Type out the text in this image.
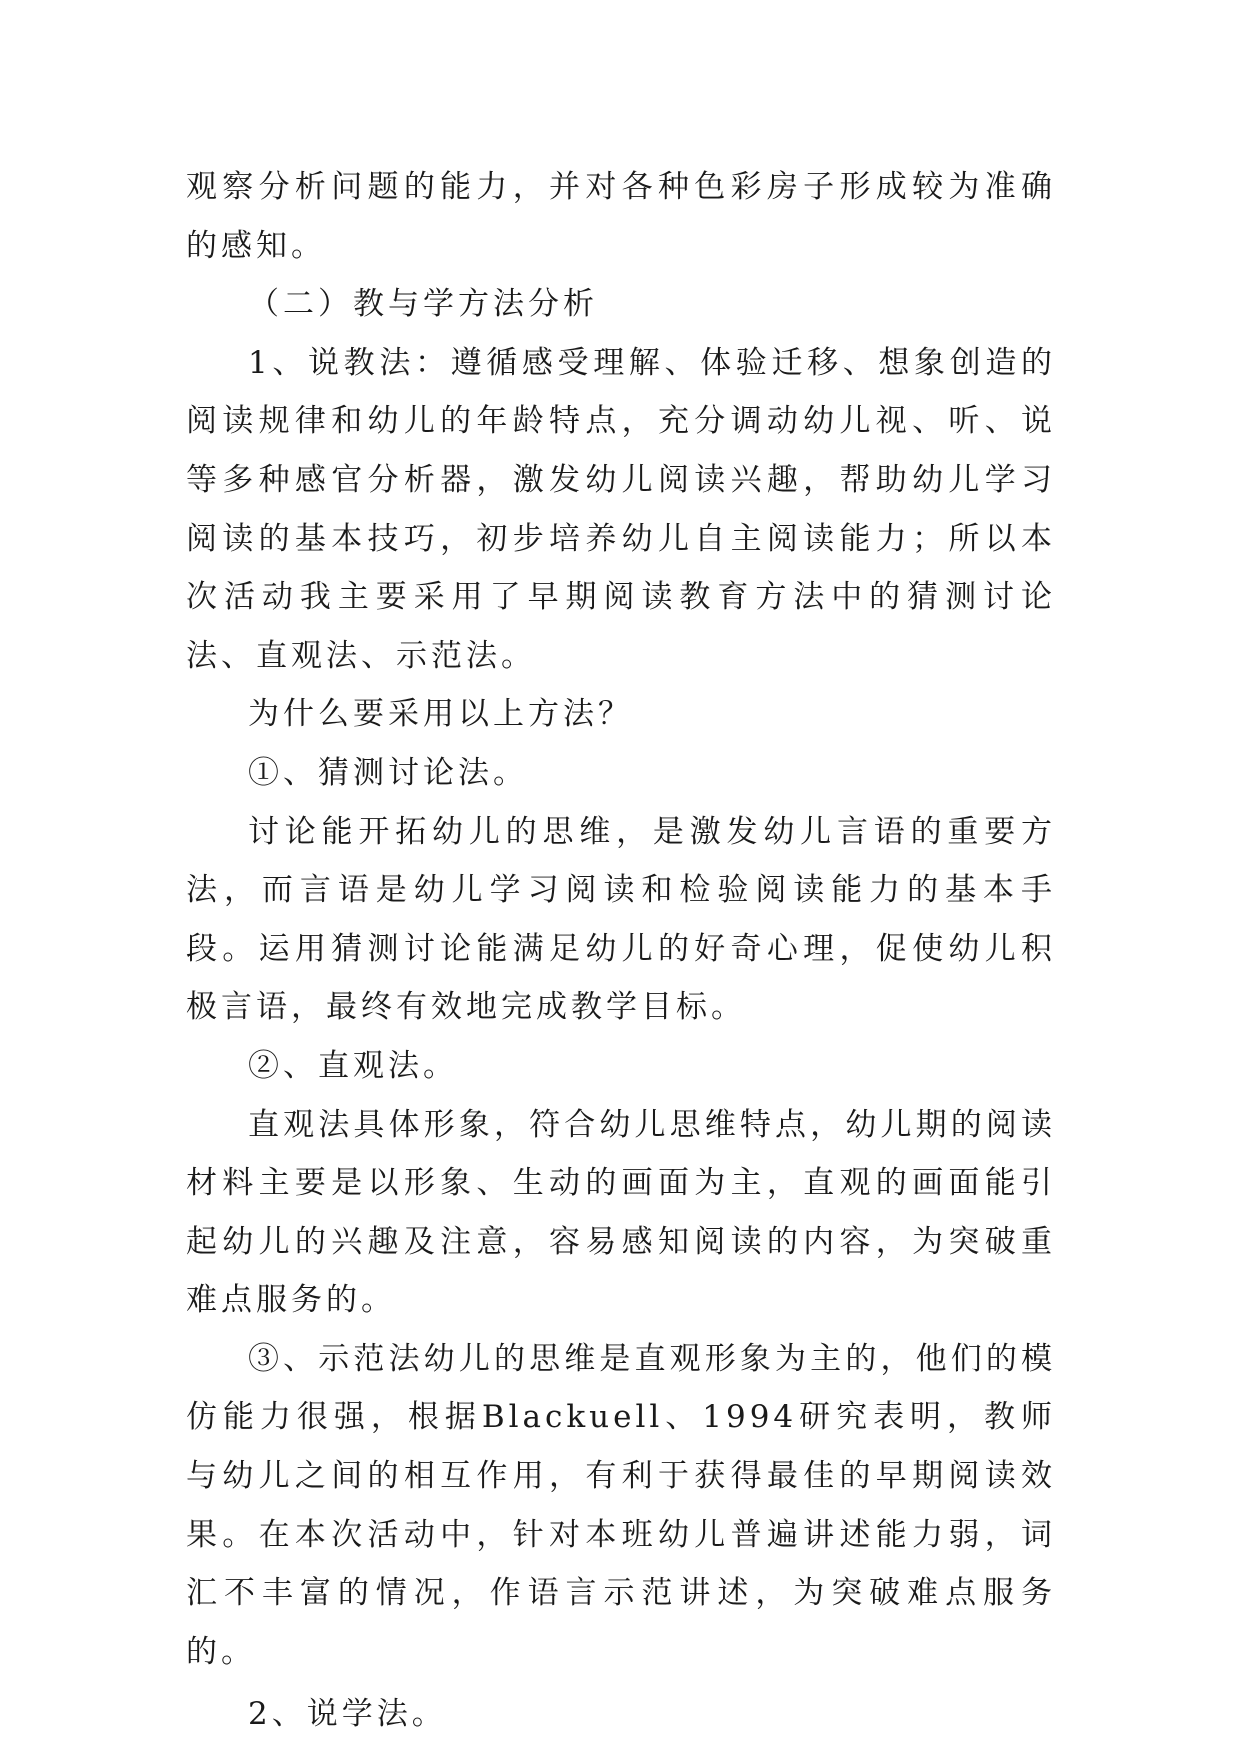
观察分析问题的能力，并对各种色彩房子形成较为准确的感知。

（二）教与学方法分析

1、说教法：遵循感受理解、体验迁移、想象创造的阅读规律和幼儿的年龄特点，充分调动幼儿视、听、说等多种感官分析器，激发幼儿阅读兴趣，帮助幼儿学习阅读的基本技巧，初步培养幼儿自主阅读能力；所以本次活动我主要采用了早期阅读教育方法中的猜测讨论法、直观法、示范法。

为什么要采用以上方法？

①、猜测讨论法。

讨论能开拓幼儿的思维，是激发幼儿言语的重要方法，而言语是幼儿学习阅读和检验阅读能力的基本手段。运用猜测讨论能满足幼儿的好奇心理，促使幼儿积极言语，最终有效地完成教学目标。

②、直观法。

直观法具体形象，符合幼儿思维特点，幼儿期的阅读材料主要是以形象、生动的画面为主，直观的画面能引起幼儿的兴趣及注意，容易感知阅读的内容，为突破重难点服务的。

③、示范法幼儿的思维是直观形象为主的，他们的模仿能力很强，根据Blackuell、1994研究表明，教师与幼儿之间的相互作用，有利于获得最佳的早期阅读效果。在本次活动中，针对本班幼儿普遍讲述能力弱，词汇不丰富的情况，作语言示范讲述，为突破难点服务的。

2、说学法。
